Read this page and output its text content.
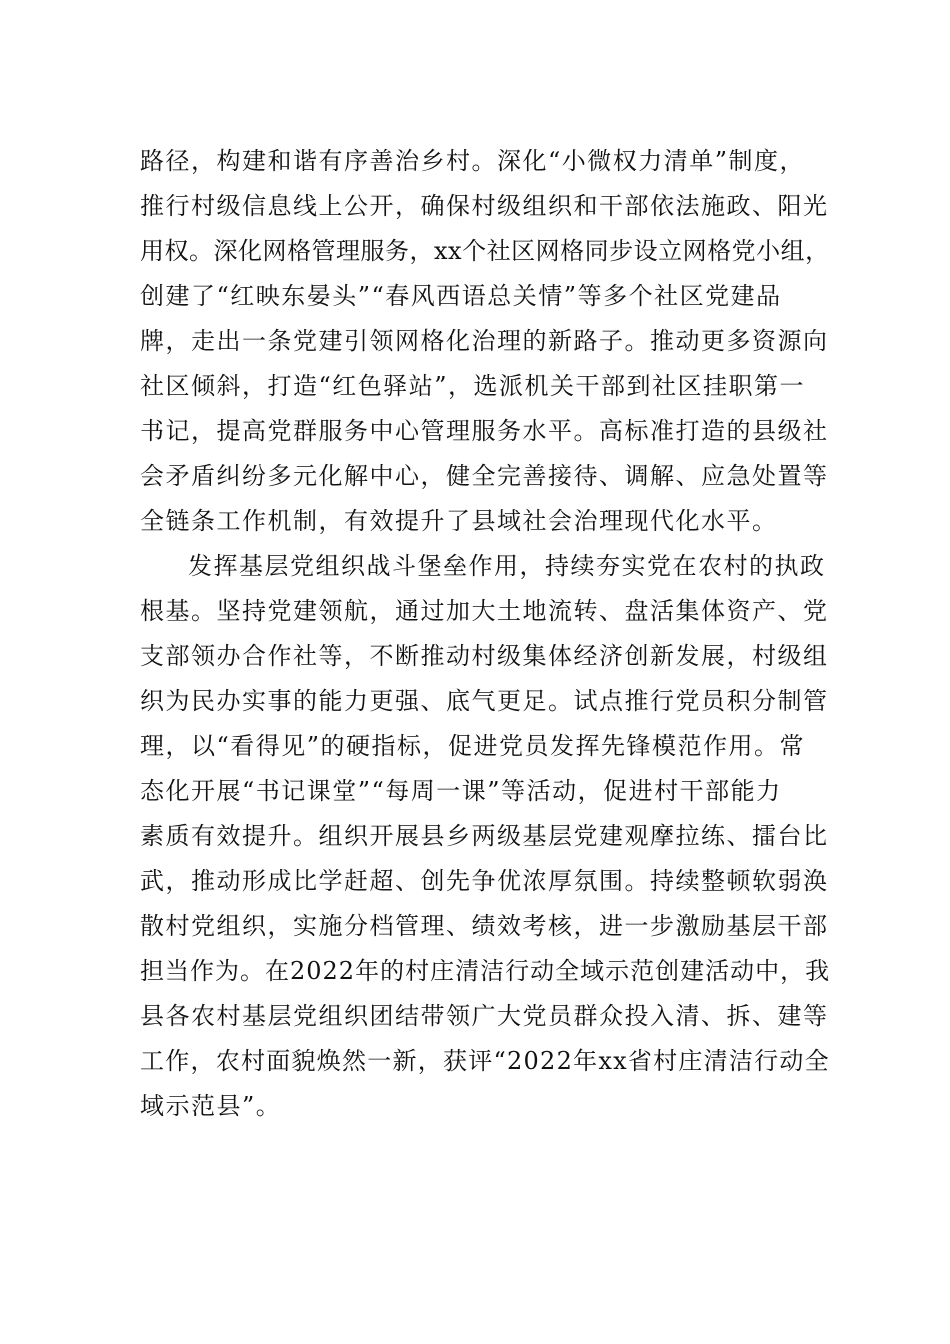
路径，构建和谐有序善治乡村。深化“小微权力清单”制度，
推行村级信息线上公开，确保村级组织和干部依法施政、阳光
用权。深化网格管理服务，xx个社区网格同步设立网格党小组，
创建了“红映东晏头”“春风西语总关情”等多个社区党建品
牌，走出一条党建引领网格化治理的新路子。推动更多资源向
社区倾斜，打造“红色驿站”，选派机关干部到社区挂职第一
书记，提高党群服务中心管理服务水平。高标准打造的县级社
会矛盾纠纷多元化解中心，健全完善接待、调解、应急处置等
全链条工作机制，有效提升了县域社会治理现代化水平。

发挥基层党组织战斗堡垒作用，持续夯实党在农村的执政
根基。坚持党建领航，通过加大土地流转、盘活集体资产、党
支部领办合作社等，不断推动村级集体经济创新发展，村级组
织为民办实事的能力更强、底气更足。试点推行党员积分制管
理，以“看得见”的硬指标，促进党员发挥先锋模范作用。常
态化开展“书记课堂”“每周一课”等活动，促进村干部能力
素质有效提升。组织开展县乡两级基层党建观摩拉练、擂台比
武，推动形成比学赶超、创先争优浓厚氛围。持续整顿软弱涣
散村党组织，实施分档管理、绩效考核，进一步激励基层干部
担当作为。在2022年的村庄清洁行动全域示范创建活动中，我
县各农村基层党组织团结带领广大党员群众投入清、拆、建等
工作，农村面貌焕然一新，获评“2022年xx省村庄清洁行动全
域示范县”。
